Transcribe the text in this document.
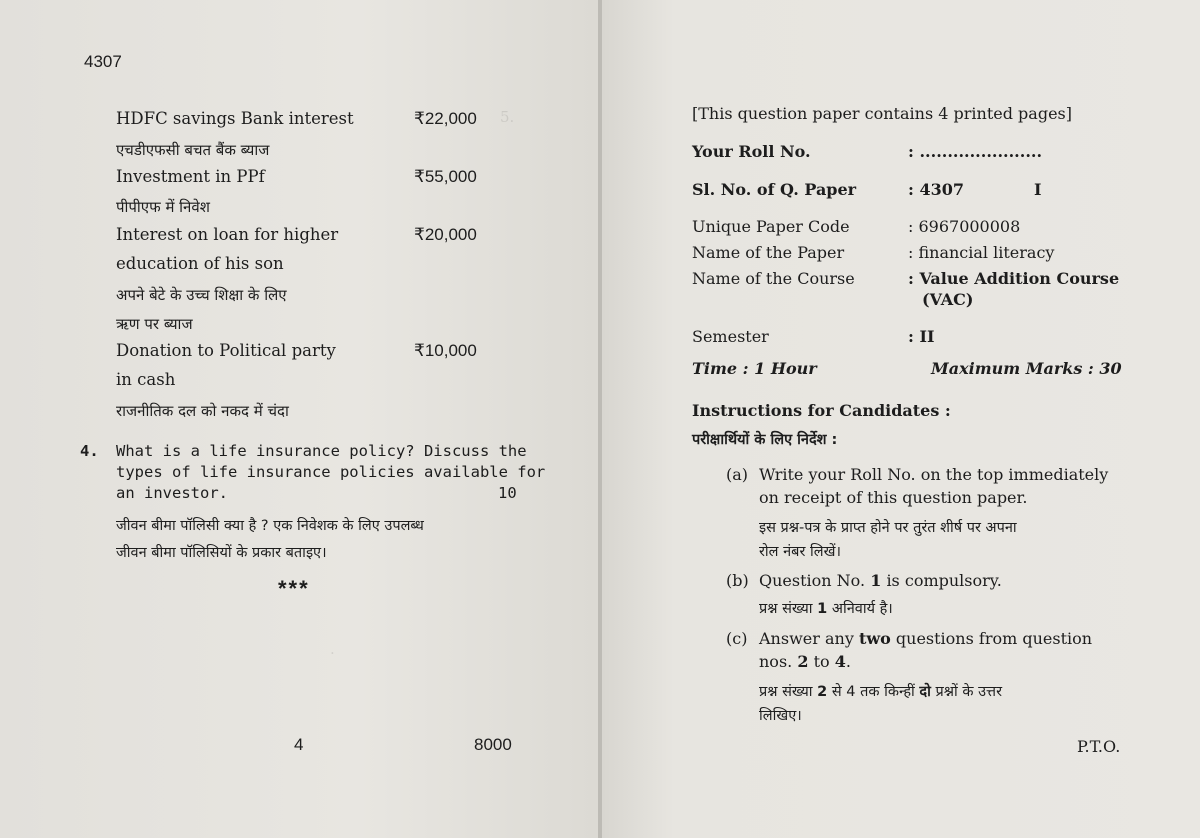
5.
.
4307
HDFC savings Bank interest	₹22,000
एचडीएफसी बचत बैंक ब्याज
Investment in PPf	₹55,000
पीपीएफ में निवेश
Interest on loan for higher	₹20,000
education of his son
अपने बेटे के उच्च शिक्षा के लिए
ऋण पर ब्याज
Donation to Political party	₹10,000
in cash
राजनीतिक दल को नकद में चंदा
4. What is a life insurance policy? Discuss the
types of life insurance policies available for
an investor.	10
जीवन बीमा पॉलिसी क्या है ? एक निवेशक के लिए उपलब्ध
जीवन बीमा पॉलिसियों के प्रकार बताइए।
***
4	8000
[This question paper contains 4 printed pages]
Your Roll No.	: ......................
Sl. No. of Q. Paper	: 4307	I
Unique Paper Code	: 6967000008
Name of the Paper	: financial literacy
Name of the Course	: Value Addition Course
(VAC)
Semester	: II
Time : 1 Hour	Maximum Marks : 30
Instructions for Candidates :
परीक्षार्थियों के लिए निर्देश :
(a) Write your Roll No. on the top immediately
on receipt of this question paper.
इस प्रश्न-पत्र के प्राप्त होने पर तुरंत शीर्ष पर अपना
रोल नंबर लिखें।
(b) Question No. 1 is compulsory.
प्रश्न संख्या 1 अनिवार्य है।
(c) Answer any two questions from question
nos. 2 to 4.
प्रश्न संख्या 2 से 4 तक किन्हीं दो प्रश्नों के उत्तर
लिखिए।
P.T.O.
